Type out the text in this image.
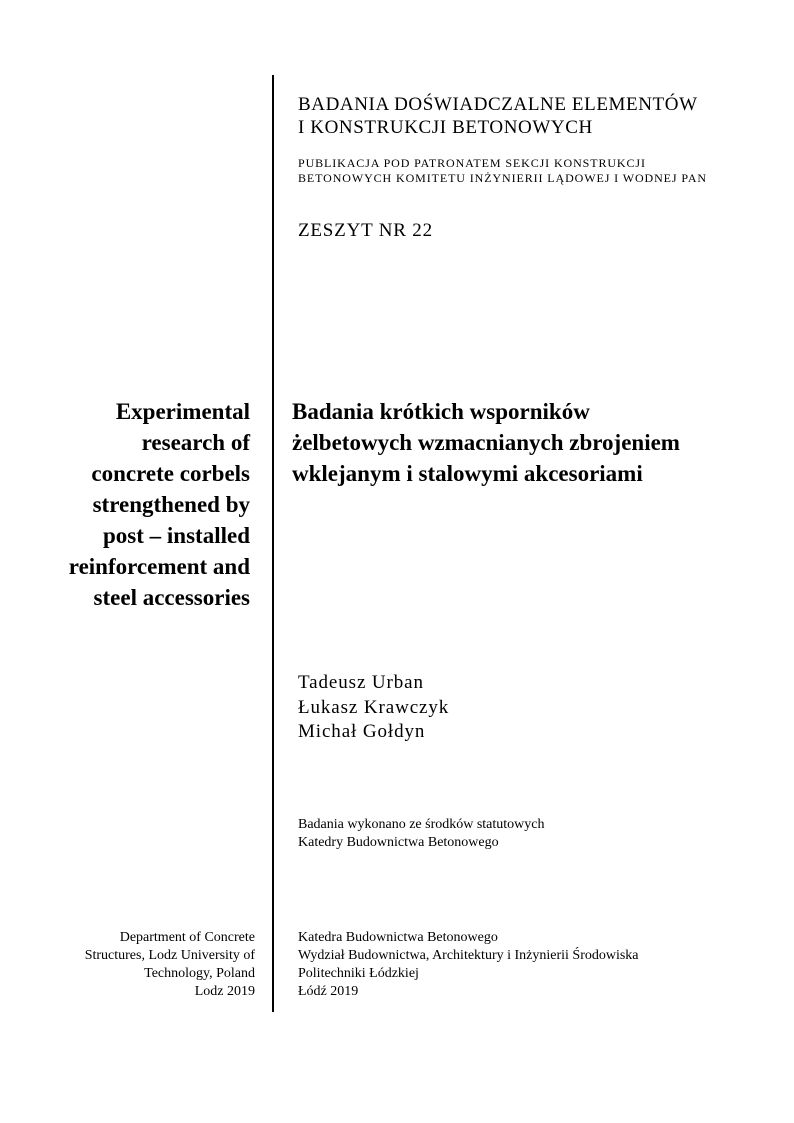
BADANIA DOŚWIADCZALNE ELEMENTÓW
I KONSTRUKCJI BETONOWYCH
PUBLIKACJA POD PATRONATEM SEKCJI KONSTRUKCJI
BETONOWYCH KOMITETU INŻYNIERII LĄDOWEJ I WODNEJ PAN
ZESZYT NR 22
Experimental
research of
concrete corbels
strengthened by
post – installed
reinforcement and
steel accessories
Badania krótkich wsporników
żelbetowych wzmacnianych zbrojeniem
wklejanym i stalowymi akcesoriami
Tadeusz Urban
Łukasz Krawczyk
Michał Gołdyn
Badania wykonano ze środków statutowych
Katedry Budownictwa Betonowego
Department of Concrete
Structures, Lodz University of
Technology, Poland
Lodz 2019
Katedra Budownictwa Betonowego
Wydział Budownictwa, Architektury i Inżynierii Środowiska
Politechniki Łódzkiej
Łódź 2019
